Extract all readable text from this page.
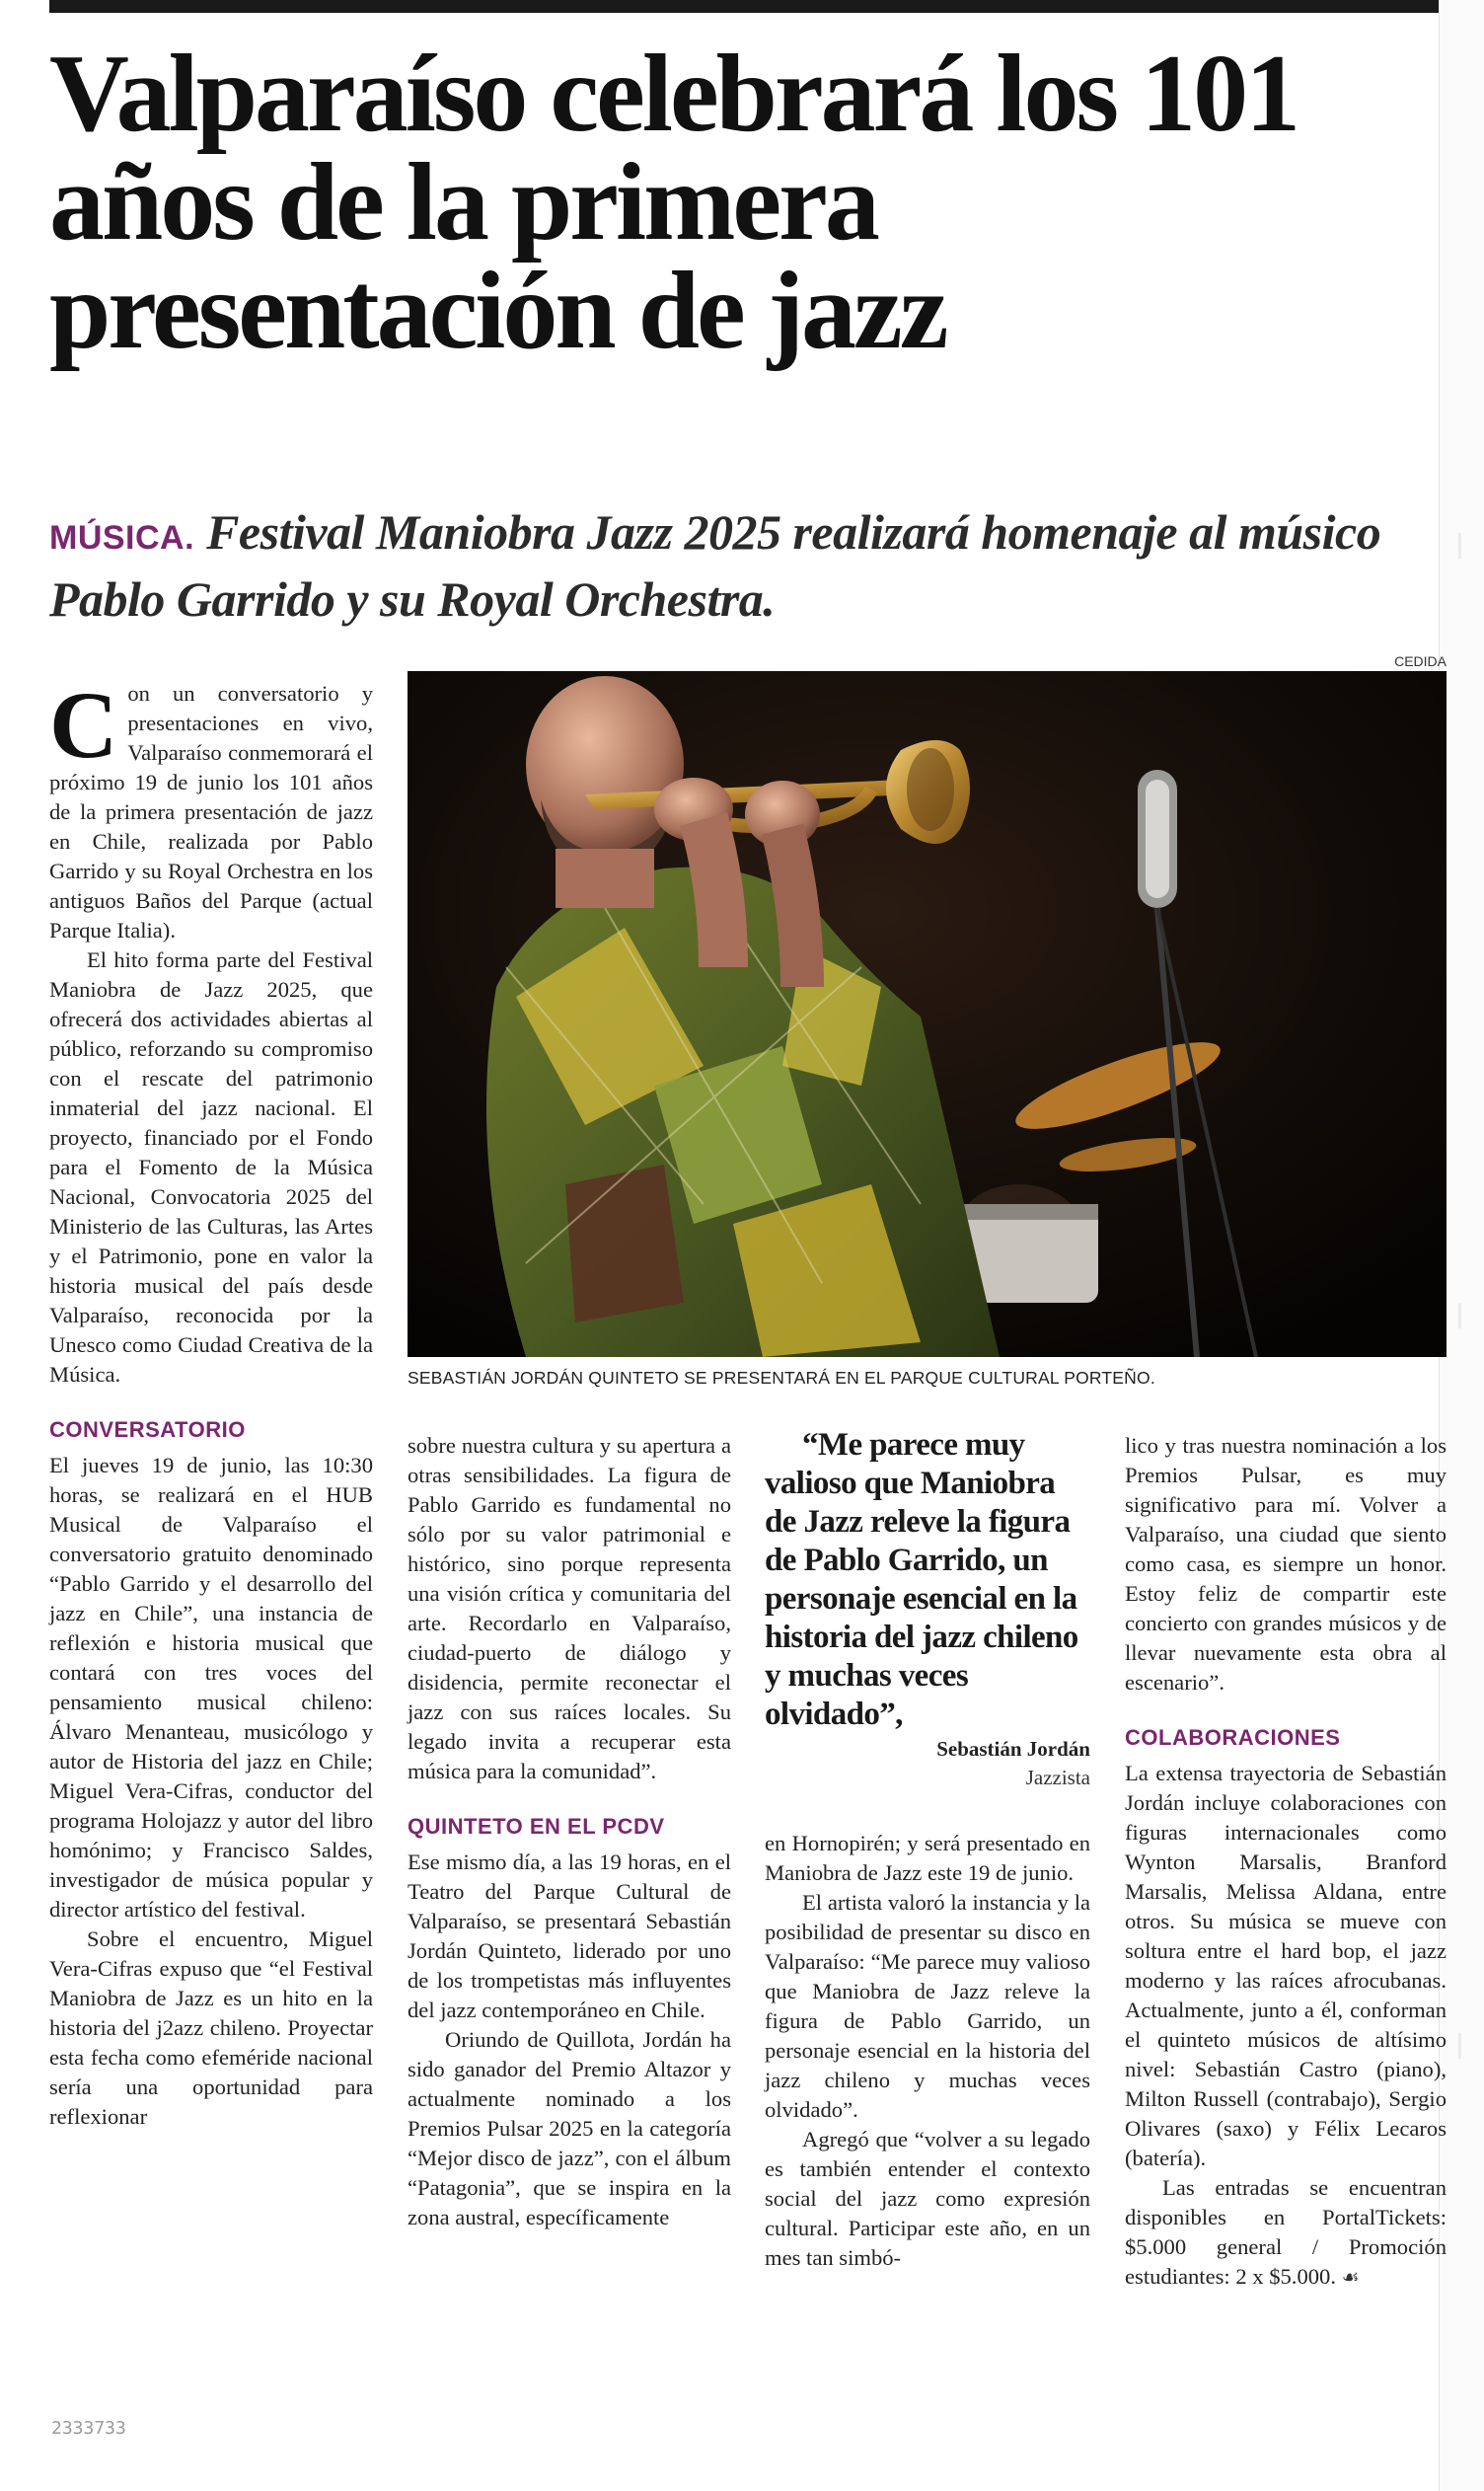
Valparaíso celebrará los 101 años de la primera presentación de jazz

MÚSICA. Festival Maniobra Jazz 2025 realizará homenaje al músico Pablo Garrido y su Royal Orchestra.

CEDIDA
SEBASTIÁN JORDÁN QUINTETO SE PRESENTARÁ EN EL PARQUE CULTURAL PORTEÑO.

Con un conversatorio y presentaciones en vivo, Valparaíso conmemorará el próximo 19 de junio los 101 años de la primera presentación de jazz en Chile, realizada por Pablo Garrido y su Royal Orchestra en los antiguos Baños del Parque (actual Parque Italia).

El hito forma parte del Festival Maniobra de Jazz 2025, que ofrecerá dos actividades abiertas al público, reforzando su compromiso con el rescate del patrimonio inmaterial del jazz nacional. El proyecto, financiado por el Fondo para el Fomento de la Música Nacional, Convocatoria 2025 del Ministerio de las Culturas, las Artes y el Patrimonio, pone en valor la historia musical del país desde Valparaíso, reconocida por la Unesco como Ciudad Creativa de la Música.

CONVERSATORIO

El jueves 19 de junio, las 10:30 horas, se realizará en el HUB Musical de Valparaíso el conversatorio gratuito denominado “Pablo Garrido y el desarrollo del jazz en Chile”, una instancia de reflexión e historia musical que contará con tres voces del pensamiento musical chileno: Álvaro Menanteau, musicólogo y autor de Historia del jazz en Chile; Miguel Vera-Cifras, conductor del programa Holojazz y autor del libro homónimo; y Francisco Saldes, investigador de música popular y director artístico del festival.

Sobre el encuentro, Miguel Vera-Cifras expuso que “el Festival Maniobra de Jazz es un hito en la historia del j2azz chileno. Proyectar esta fecha como efeméride nacional sería una oportunidad para reflexionar

sobre nuestra cultura y su apertura a otras sensibilidades. La figura de Pablo Garrido es fundamental no sólo por su valor patrimonial e histórico, sino porque representa una visión crítica y comunitaria del arte. Recordarlo en Valparaíso, ciudad-puerto de diálogo y disidencia, permite reconectar el jazz con sus raíces locales. Su legado invita a recuperar esta música para la comunidad”.

QUINTETO EN EL PCDV

Ese mismo día, a las 19 horas, en el Teatro del Parque Cultural de Valparaíso, se presentará Sebastián Jordán Quinteto, liderado por uno de los trompetistas más influyentes del jazz contemporáneo en Chile.

Oriundo de Quillota, Jordán ha sido ganador del Premio Altazor y actualmente nominado a los Premios Pulsar 2025 en la categoría “Mejor disco de jazz”, con el álbum “Patagonia”, que se inspira en la zona austral, específicamente

“Me parece muy valioso que Maniobra de Jazz releve la figura de Pablo Garrido, un personaje esencial en la historia del jazz chileno y muchas veces olvidado”,

Sebastián Jordán

Jazzista

en Hornopirén; y será presentado en Maniobra de Jazz este 19 de junio.

El artista valoró la instancia y la posibilidad de presentar su disco en Valparaíso: “Me parece muy valioso que Maniobra de Jazz releve la figura de Pablo Garrido, un personaje esencial en la historia del jazz chileno y muchas veces olvidado”.

Agregó que “volver a su legado es también entender el contexto social del jazz como expresión cultural. Participar este año, en un mes tan simbó-

lico y tras nuestra nominación a los Premios Pulsar, es muy significativo para mí. Volver a Valparaíso, una ciudad que siento como casa, es siempre un honor. Estoy feliz de compartir este concierto con grandes músicos y de llevar nuevamente esta obra al escenario”.

COLABORACIONES

La extensa trayectoria de Sebastián Jordán incluye colaboraciones con figuras internacionales como Wynton Marsalis, Branford Marsalis, Melissa Aldana, entre otros. Su música se mueve con soltura entre el hard bop, el jazz moderno y las raíces afrocubanas. Actualmente, junto a él, conforman el quinteto músicos de altísimo nivel: Sebastián Castro (piano), Milton Russell (contrabajo), Sergio Olivares (saxo) y Félix Lecaros (batería).

Las entradas se encuentran disponibles en PortalTickets: $5.000 general / Promoción estudiantes: 2 x $5.000. ☙

2333733
